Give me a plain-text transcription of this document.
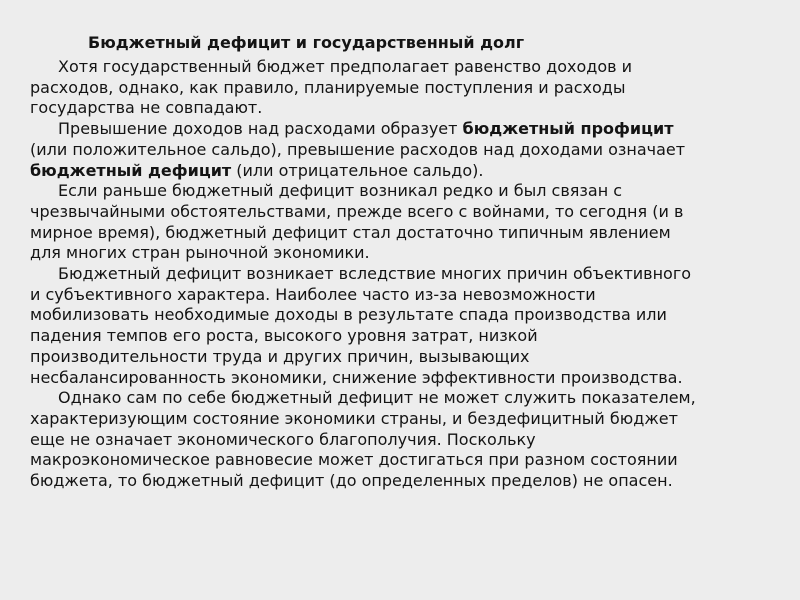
Бюджетный дефицит и государственный долг
Хотя государственный бюджет предполагает равенство доходов и
расходов, однако, как правило, планируемые поступления и расходы
государства не совпадают.
Превышение доходов над расходами образует бюджетный профицит
(или положительное сальдо), превышение расходов над доходами означает
бюджетный дефицит (или отрицательное сальдо).
Если раньше бюджетный дефицит возникал редко и был связан с
чрезвычайными обстоятельствами, прежде всего с войнами, то сегодня (и в
мирное время), бюджетный дефицит стал достаточно типичным явлением
для многих стран рыночной экономики.
Бюджетный дефицит возникает вследствие многих причин объективного
и субъективного характера. Наиболее часто из-за невозможности
мобилизовать необходимые доходы в результате спада производства или
падения темпов его роста, высокого уровня затрат, низкой
производительности труда и других причин, вызывающих
несбалансированность экономики, снижение эффективности производства.
Однако сам по себе бюджетный дефицит не может служить показателем,
характеризующим состояние экономики страны, и бездефицитный бюджет
еще не означает экономического благополучия. Поскольку
макроэкономическое равновесие может достигаться при разном состоянии
бюджета, то бюджетный дефицит (до определенных пределов) не опасен.
